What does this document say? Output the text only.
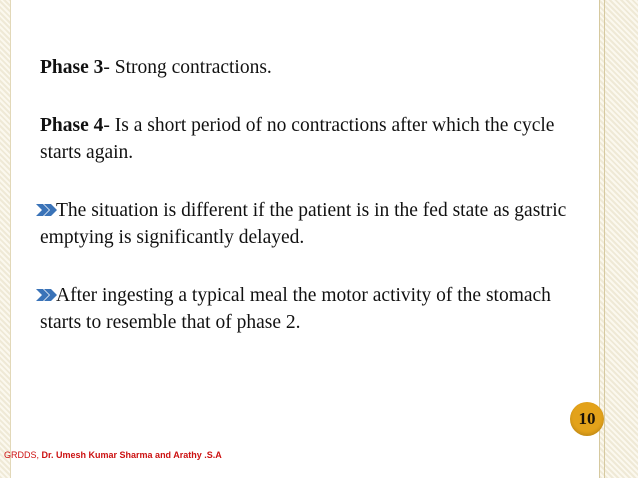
Phase 3- Strong contractions.

Phase 4- Is a short period of no contractions after which the cycle starts again.

The situation is different if the patient is in the fed state as gastric emptying is significantly delayed.

After ingesting a typical meal the motor activity of the stomach starts to resemble that of phase 2.

10
GRDDS, Dr. Umesh Kumar Sharma and Arathy .S.A
